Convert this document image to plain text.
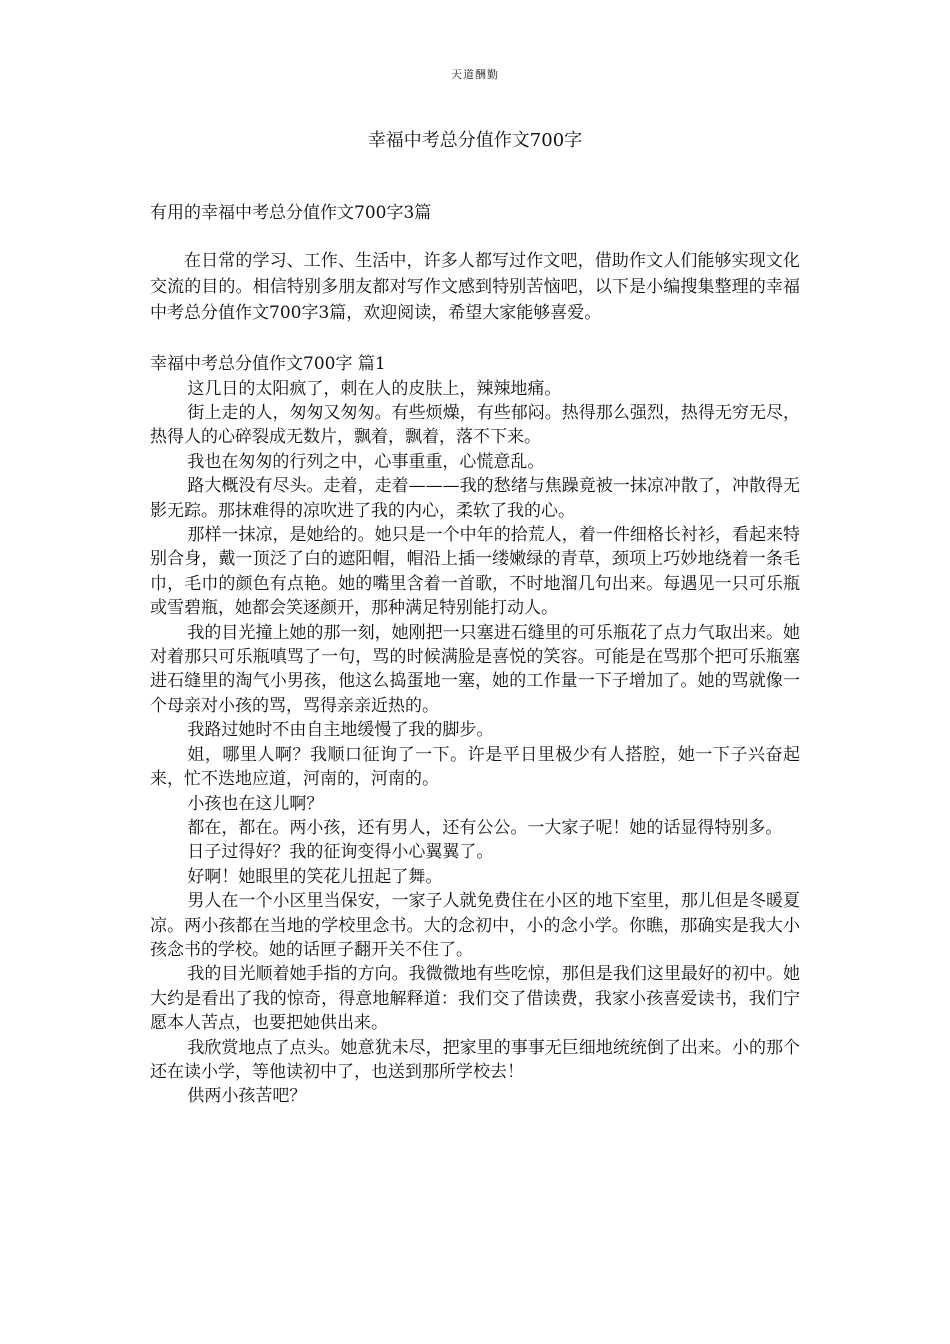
天道酬勤
幸福中考总分值作文700字

有用的幸福中考总分值作文700字3篇

在日常的学习、工作、生活中，许多人都写过作文吧，借助作文人们能够实现文化交流的目的。相信特别多朋友都对写作文感到特别苦恼吧，以下是小编搜集整理的幸福中考总分值作文700字3篇，欢迎阅读，希望大家能够喜爱。

幸福中考总分值作文700字 篇1

这几日的太阳疯了，刺在人的皮肤上，辣辣地痛。

街上走的人，匆匆又匆匆。有些烦燥，有些郁闷。热得那么强烈，热得无穷无尽，热得人的心碎裂成无数片，飘着，飘着，落不下来。

我也在匆匆的行列之中，心事重重，心慌意乱。

路大概没有尽头。走着，走着———我的愁绪与焦躁竟被一抹凉冲散了，冲散得无影无踪。那抹难得的凉吹进了我的内心，柔软了我的心。

那样一抹凉，是她给的。她只是一个中年的拾荒人，着一件细格长衬衫，看起来特别合身，戴一顶泛了白的遮阳帽，帽沿上插一缕嫩绿的青草，颈项上巧妙地绕着一条毛巾，毛巾的颜色有点艳。她的嘴里含着一首歌，不时地溜几句出来。每遇见一只可乐瓶或雪碧瓶，她都会笑逐颜开，那种满足特别能打动人。

我的目光撞上她的那一刻，她刚把一只塞进石缝里的可乐瓶花了点力气取出来。她对着那只可乐瓶嗔骂了一句，骂的时候满脸是喜悦的笑容。可能是在骂那个把可乐瓶塞进石缝里的淘气小男孩，他这么捣蛋地一塞，她的工作量一下子增加了。她的骂就像一个母亲对小孩的骂，骂得亲亲近热的。

我路过她时不由自主地缓慢了我的脚步。

姐，哪里人啊？我顺口征询了一下。许是平日里极少有人搭腔，她一下子兴奋起来，忙不迭地应道，河南的，河南的。

小孩也在这儿啊？

都在，都在。两小孩，还有男人，还有公公。一大家子呢！她的话显得特别多。

日子过得好？我的征询变得小心翼翼了。

好啊！她眼里的笑花儿扭起了舞。

男人在一个小区里当保安，一家子人就免费住在小区的地下室里，那儿但是冬暖夏凉。两小孩都在当地的学校里念书。大的念初中，小的念小学。你瞧，那确实是我大小孩念书的学校。她的话匣子翻开关不住了。

我的目光顺着她手指的方向。我微微地有些吃惊，那但是我们这里最好的初中。她大约是看出了我的惊奇，得意地解释道：我们交了借读费，我家小孩喜爱读书，我们宁愿本人苦点，也要把她供出来。

我欣赏地点了点头。她意犹未尽，把家里的事事无巨细地统统倒了出来。小的那个还在读小学，等他读初中了，也送到那所学校去！

供两小孩苦吧？
